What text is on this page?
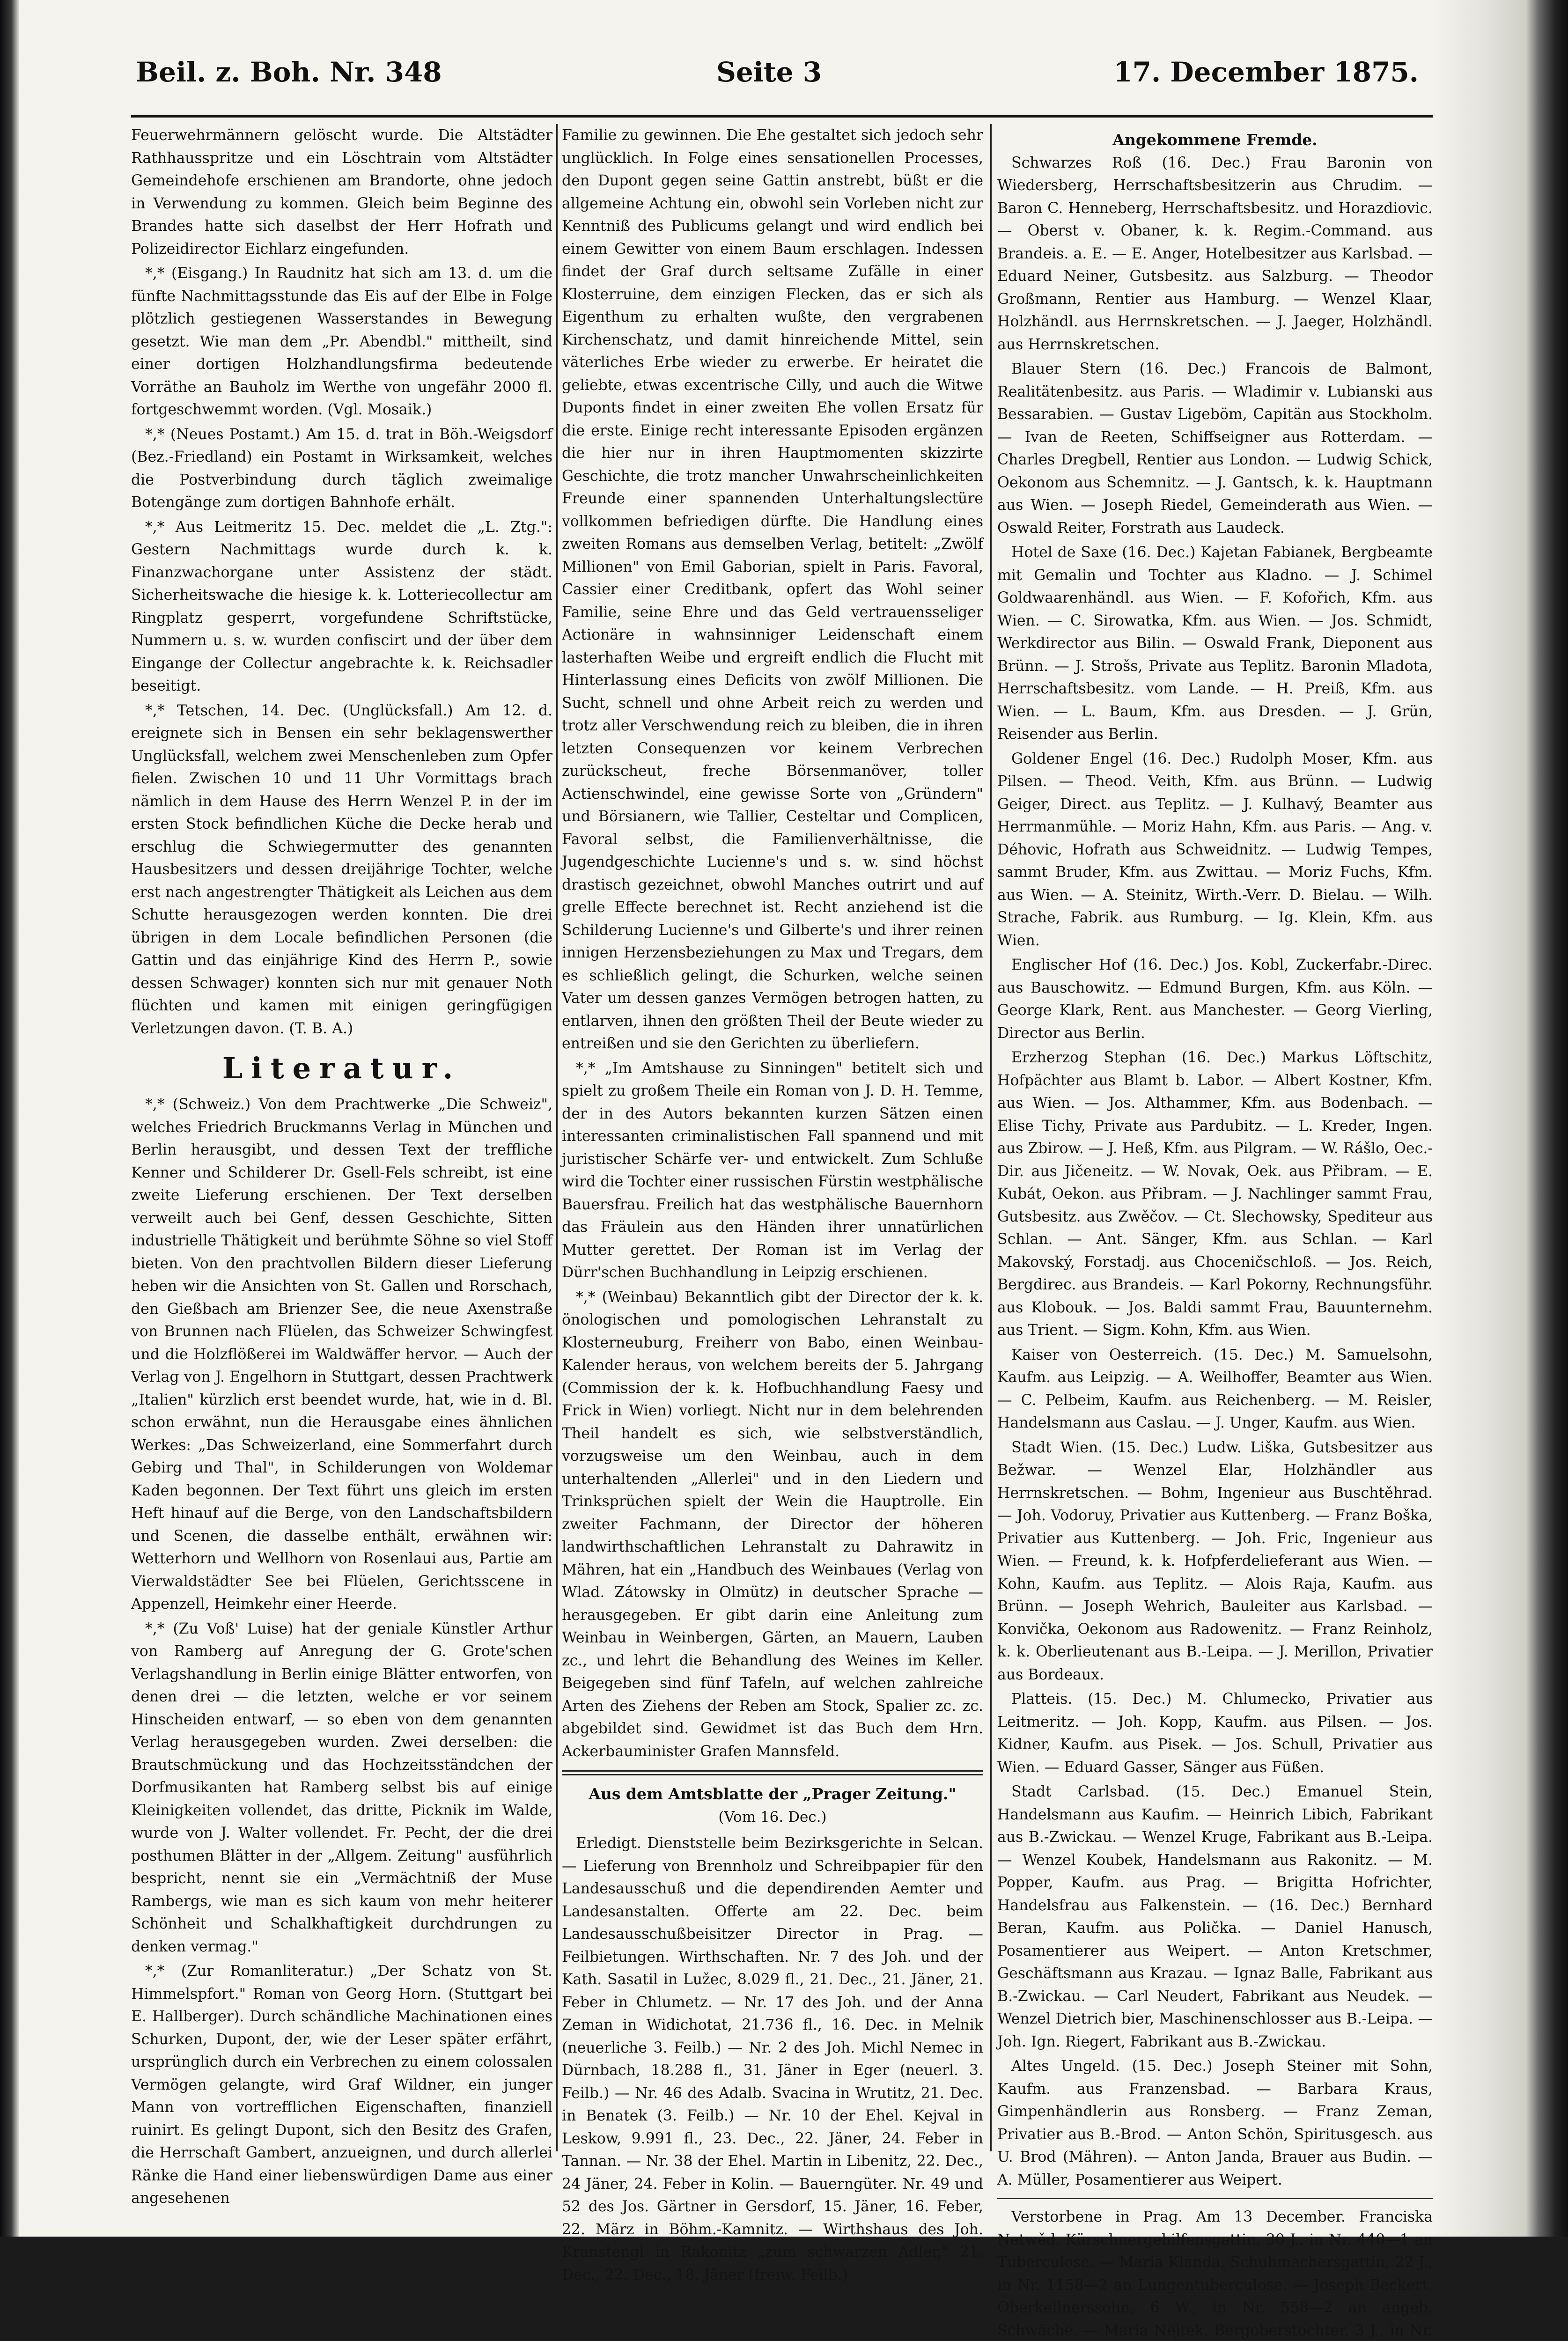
Beil. z. Boh. Nr. 348	Seite 3	17. December 1875.

Feuerwehrmännern gelöscht wurde. Die Altstädter Rathhausspritze und ein Löschtrain vom Altstädter Gemeindehofe erschienen am Brandorte, ohne jedoch in Verwendung zu kommen. Gleich beim Beginne des Brandes hatte sich daselbst der Herr Hofrath und Polizeidirector Eichlarz eingefunden.

*,* (Eisgang.) In Raudnitz hat sich am 13. d. um die fünfte Nachmittagsstunde das Eis auf der Elbe in Folge plötzlich gestiegenen Wasserstandes in Bewegung gesetzt. Wie man dem „Pr. Abendbl." mittheilt, sind einer dortigen Holzhandlungsfirma bedeutende Vorräthe an Bauholz im Werthe von ungefähr 2000 fl. fortgeschwemmt worden. (Vgl. Mosaik.)

*,* (Neues Postamt.) Am 15. d. trat in Böh.-Weigsdorf (Bez.-Friedland) ein Postamt in Wirksamkeit, welches die Postverbindung durch täglich zweimalige Botengänge zum dortigen Bahnhofe erhält.

*,* Aus Leitmeritz 15. Dec. meldet die „L. Ztg.": Gestern Nachmittags wurde durch k. k. Finanzwachorgane unter Assistenz der städt. Sicherheitswache die hiesige k. k. Lotteriecollectur am Ringplatz gesperrt, vorgefundene Schriftstücke, Nummern u. s. w. wurden confiscirt und der über dem Eingange der Collectur angebrachte k. k. Reichsadler beseitigt.

*,* Tetschen, 14. Dec. (Unglücksfall.) Am 12. d. ereignete sich in Bensen ein sehr beklagenswerther Unglücksfall, welchem zwei Menschenleben zum Opfer fielen. Zwischen 10 und 11 Uhr Vormittags brach nämlich in dem Hause des Herrn Wenzel P. in der im ersten Stock befindlichen Küche die Decke herab und erschlug die Schwiegermutter des genannten Hausbesitzers und dessen dreijährige Tochter, welche erst nach angestrengter Thätigkeit als Leichen aus dem Schutte herausgezogen werden konnten. Die drei übrigen in dem Locale befindlichen Personen (die Gattin und das einjährige Kind des Herrn P., sowie dessen Schwager) konnten sich nur mit genauer Noth flüchten und kamen mit einigen geringfügigen Verletzungen davon. (T. B. A.)

Literatur.

*,* (Schweiz.) Von dem Prachtwerke „Die Schweiz", welches Friedrich Bruckmanns Verlag in München und Berlin herausgibt, und dessen Text der treffliche Kenner und Schilderer Dr. Gsell-Fels schreibt, ist eine zweite Lieferung erschienen. Der Text derselben verweilt auch bei Genf, dessen Geschichte, Sitten industrielle Thätigkeit und berühmte Söhne so viel Stoff bieten. Von den prachtvollen Bildern dieser Lieferung heben wir die Ansichten von St. Gallen und Rorschach, den Gießbach am Brienzer See, die neue Axenstraße von Brunnen nach Flüelen, das Schweizer Schwingfest und die Holzflößerei im Waldwäffer hervor. — Auch der Verlag von J. Engelhorn in Stuttgart, dessen Prachtwerk „Italien" kürzlich erst beendet wurde, hat, wie in d. Bl. schon erwähnt, nun die Herausgabe eines ähnlichen Werkes: „Das Schweizerland, eine Sommerfahrt durch Gebirg und Thal", in Schilderungen von Woldemar Kaden begonnen. Der Text führt uns gleich im ersten Heft hinauf auf die Berge, von den Landschaftsbildern und Scenen, die dasselbe enthält, erwähnen wir: Wetterhorn und Wellhorn von Rosenlaui aus, Partie am Vierwaldstädter See bei Flüelen, Gerichtsscene in Appenzell, Heimkehr einer Heerde.

*,* (Zu Voß' Luise) hat der geniale Künstler Arthur von Ramberg auf Anregung der G. Grote'schen Verlagshandlung in Berlin einige Blätter entworfen, von denen drei — die letzten, welche er vor seinem Hinscheiden entwarf, — so eben von dem genannten Verlag herausgegeben wurden. Zwei derselben: die Brautschmückung und das Hochzeitsständchen der Dorfmusikanten hat Ramberg selbst bis auf einige Kleinigkeiten vollendet, das dritte, Picknik im Walde, wurde von J. Walter vollendet. Fr. Pecht, der die drei posthumen Blätter in der „Allgem. Zeitung" ausführlich bespricht, nennt sie ein „Vermächtniß der Muse Rambergs, wie man es sich kaum von mehr heiterer Schönheit und Schalkhaftigkeit durchdrungen zu denken vermag."

*,* (Zur Romanliteratur.) „Der Schatz von St. Himmelspfort." Roman von Georg Horn. (Stuttgart bei E. Hallberger). Durch schändliche Machinationen eines Schurken, Dupont, der, wie der Leser später erfährt, ursprünglich durch ein Verbrechen zu einem colossalen Vermögen gelangte, wird Graf Wildner, ein junger Mann von vortrefflichen Eigenschaften, finanziell ruinirt. Es gelingt Dupont, sich den Besitz des Grafen, die Herrschaft Gambert, anzueignen, und durch allerlei Ränke die Hand einer liebenswürdigen Dame aus einer angesehenen

Familie zu gewinnen. Die Ehe gestaltet sich jedoch sehr unglücklich. In Folge eines sensationellen Processes, den Dupont gegen seine Gattin anstrebt, büßt er die allgemeine Achtung ein, obwohl sein Vorleben nicht zur Kenntniß des Publicums gelangt und wird endlich bei einem Gewitter von einem Baum erschlagen. Indessen findet der Graf durch seltsame Zufälle in einer Klosterruine, dem einzigen Flecken, das er sich als Eigenthum zu erhalten wußte, den vergrabenen Kirchenschatz, und damit hinreichende Mittel, sein väterliches Erbe wieder zu erwerbe. Er heiratet die geliebte, etwas excentrische Cilly, und auch die Witwe Duponts findet in einer zweiten Ehe vollen Ersatz für die erste. Einige recht interessante Episoden ergänzen die hier nur in ihren Hauptmomenten skizzirte Geschichte, die trotz mancher Unwahrscheinlichkeiten Freunde einer spannenden Unterhaltungslectüre vollkommen befriedigen dürfte. Die Handlung eines zweiten Romans aus demselben Verlag, betitelt: „Zwölf Millionen" von Emil Gaborian, spielt in Paris. Favoral, Cassier einer Creditbank, opfert das Wohl seiner Familie, seine Ehre und das Geld vertrauensseliger Actionäre in wahnsinniger Leidenschaft einem lasterhaften Weibe und ergreift endlich die Flucht mit Hinterlassung eines Deficits von zwölf Millionen. Die Sucht, schnell und ohne Arbeit reich zu werden und trotz aller Verschwendung reich zu bleiben, die in ihren letzten Consequenzen vor keinem Verbrechen zurückscheut, freche Börsenmanöver, toller Actienschwindel, eine gewisse Sorte von „Gründern" und Börsianern, wie Tallier, Cesteltar und Complicen, Favoral selbst, die Familienverhältnisse, die Jugendgeschichte Lucienne's und s. w. sind höchst drastisch gezeichnet, obwohl Manches outrirt und auf grelle Effecte berechnet ist. Recht anziehend ist die Schilderung Lucienne's und Gilberte's und ihrer reinen innigen Herzensbeziehungen zu Max und Tregars, dem es schließlich gelingt, die Schurken, welche seinen Vater um dessen ganzes Vermögen betrogen hatten, zu entlarven, ihnen den größten Theil der Beute wieder zu entreißen und sie den Gerichten zu überliefern.

*,* „Im Amtshause zu Sinningen" betitelt sich und spielt zu großem Theile ein Roman von J. D. H. Temme, der in des Autors bekannten kurzen Sätzen einen interessanten criminalistischen Fall spannend und mit juristischer Schärfe ver- und entwickelt. Zum Schluße wird die Tochter einer russischen Fürstin westphälische Bauersfrau. Freilich hat das westphälische Bauernhorn das Fräulein aus den Händen ihrer unnatürlichen Mutter gerettet. Der Roman ist im Verlag der Dürr'schen Buchhandlung in Leipzig erschienen.

*,* (Weinbau) Bekanntlich gibt der Director der k. k. önologischen und pomologischen Lehranstalt zu Klosterneuburg, Freiherr von Babo, einen Weinbau-Kalender heraus, von welchem bereits der 5. Jahrgang (Commission der k. k. Hofbuchhandlung Faesy und Frick in Wien) vorliegt. Nicht nur in dem belehrenden Theil handelt es sich, wie selbstverständlich, vorzugsweise um den Weinbau, auch in dem unterhaltenden „Allerlei" und in den Liedern und Trinksprüchen spielt der Wein die Hauptrolle. Ein zweiter Fachmann, der Director der höheren landwirthschaftlichen Lehranstalt zu Dahrawitz in Mähren, hat ein „Handbuch des Weinbaues (Verlag von Wlad. Zátowsky in Olmütz) in deutscher Sprache — herausgegeben. Er gibt darin eine Anleitung zum Weinbau in Weinbergen, Gärten, an Mauern, Lauben zc., und lehrt die Behandlung des Weines im Keller. Beigegeben sind fünf Tafeln, auf welchen zahlreiche Arten des Ziehens der Reben am Stock, Spalier zc. zc. abgebildet sind. Gewidmet ist das Buch dem Hrn. Ackerbauminister Grafen Mannsfeld.

Aus dem Amtsblatte der „Prager Zeitung."
(Vom 16. Dec.)

Erledigt. Dienststelle beim Bezirksgerichte in Selcan. — Lieferung von Brennholz und Schreibpapier für den Landesausschuß und die dependirenden Aemter und Landesanstalten. Offerte am 22. Dec. beim Landesausschußbeisitzer Director in Prag. — Feilbietungen. Wirthschaften. Nr. 7 des Joh. und der Kath. Sasatil in Lužec, 8.029 fl., 21. Dec., 21. Jäner, 21. Feber in Chlumetz. — Nr. 17 des Joh. und der Anna Zeman in Widichotat, 21.736 fl., 16. Dec. in Melnik (neuerliche 3. Feilb.) — Nr. 2 des Joh. Michl Nemec in Dürnbach, 18.288 fl., 31. Jäner in Eger (neuerl. 3. Feilb.) — Nr. 46 des Adalb. Svacina in Wrutitz, 21. Dec. in Benatek (3. Feilb.) — Nr. 10 der Ehel. Kejval in Leskow, 9.991 fl., 23. Dec., 22. Jäner, 24. Feber in Tannan. — Nr. 38 der Ehel. Martin in Libenitz, 22. Dec., 24 Jäner, 24. Feber in Kolin. — Bauerngüter. Nr. 49 und 52 des Jos. Gärtner in Gersdorf, 15. Jäner, 16. Feber, 22. März in Böhm.-Kamnitz. — Wirthshaus des Joh. Kranstengl in Rakonitz „zum schwarzen Adler," 21. Dec., 22. Dec., 18. Jäner (freiw. Feilb.)

Angekommene Fremde.

Schwarzes Roß (16. Dec.) Frau Baronin von Wiedersberg, Herrschaftsbesitzerin aus Chrudim. — Baron C. Henneberg, Herrschaftsbesitz. und Horazdiovic. — Oberst v. Obaner, k. k. Regim.-Command. aus Brandeis. a. E. — E. Anger, Hotelbesitzer aus Karlsbad. — Eduard Neiner, Gutsbesitz. aus Salzburg. — Theodor Großmann, Rentier aus Hamburg. — Wenzel Klaar, Holzhändl. aus Herrnskretschen. — J. Jaeger, Holzhändl. aus Herrnskretschen.

Blauer Stern (16. Dec.) Francois de Balmont, Realitätenbesitz. aus Paris. — Wladimir v. Lubianski aus Bessarabien. — Gustav Ligeböm, Capitän aus Stockholm. — Ivan de Reeten, Schiffseigner aus Rotterdam. — Charles Dregbell, Rentier aus London. — Ludwig Schick, Oekonom aus Schemnitz. — J. Gantsch, k. k. Hauptmann aus Wien. — Joseph Riedel, Gemeinderath aus Wien. — Oswald Reiter, Forstrath aus Laudeck.

Hotel de Saxe (16. Dec.) Kajetan Fabianek, Bergbeamte mit Gemalin und Tochter aus Kladno. — J. Schimel Goldwaarenhändl. aus Wien. — F. Kofořich, Kfm. aus Wien. — C. Sirowatka, Kfm. aus Wien. — Jos. Schmidt, Werkdirector aus Bilin. — Oswald Frank, Dieponent aus Brünn. — J. Strošs, Private aus Teplitz. Baronin Mladota, Herrschaftsbesitz. vom Lande. — H. Preiß, Kfm. aus Wien. — L. Baum, Kfm. aus Dresden. — J. Grün, Reisender aus Berlin.

Goldener Engel (16. Dec.) Rudolph Moser, Kfm. aus Pilsen. — Theod. Veith, Kfm. aus Brünn. — Ludwig Geiger, Direct. aus Teplitz. — J. Kulhavý, Beamter aus Herrmanmühle. — Moriz Hahn, Kfm. aus Paris. — Ang. v. Déhovic, Hofrath aus Schweidnitz. — Ludwig Tempes, sammt Bruder, Kfm. aus Zwittau. — Moriz Fuchs, Kfm. aus Wien. — A. Steinitz, Wirth.-Verr. D. Bielau. — Wilh. Strache, Fabrik. aus Rumburg. — Ig. Klein, Kfm. aus Wien.

Englischer Hof (16. Dec.) Jos. Kobl, Zuckerfabr.-Direc. aus Bauschowitz. — Edmund Burgen, Kfm. aus Köln. — George Klark, Rent. aus Manchester. — Georg Vierling, Director aus Berlin.

Erzherzog Stephan (16. Dec.) Markus Löftschitz, Hofpächter aus Blamt b. Labor. — Albert Kostner, Kfm. aus Wien. — Jos. Althammer, Kfm. aus Bodenbach. — Elise Tichy, Private aus Pardubitz. — L. Kreder, Ingen. aus Zbirow. — J. Heß, Kfm. aus Pilgram. — W. Rášlo, Oec.-Dir. aus Jičeneitz. — W. Novak, Oek. aus Přibram. — E. Kubát, Oekon. aus Přibram. — J. Nachlinger sammt Frau, Gutsbesitz. aus Zwěčov. — Ct. Slechowsky, Spediteur aus Schlan. — Ant. Sänger, Kfm. aus Schlan. — Karl Makovský, Forstadj. aus Choceničschloß. — Jos. Reich, Bergdirec. aus Brandeis. — Karl Pokorny, Rechnungsführ. aus Klobouk. — Jos. Baldi sammt Frau, Bauunternehm. aus Trient. — Sigm. Kohn, Kfm. aus Wien.

Kaiser von Oesterreich. (15. Dec.) M. Samuelsohn, Kaufm. aus Leipzig. — A. Weilhoffer, Beamter aus Wien. — C. Pelbeim, Kaufm. aus Reichenberg. — M. Reisler, Handelsmann aus Caslau. — J. Unger, Kaufm. aus Wien.

Stadt Wien. (15. Dec.) Ludw. Liška, Gutsbesitzer aus Bežwar. — Wenzel Elar, Holzhändler aus Herrnskretschen. — Bohm, Ingenieur aus Buschtěhrad. — Joh. Vodoruy, Privatier aus Kuttenberg. — Franz Boška, Privatier aus Kuttenberg. — Joh. Fric, Ingenieur aus Wien. — Freund, k. k. Hofpferdelieferant aus Wien. — Kohn, Kaufm. aus Teplitz. — Alois Raja, Kaufm. aus Brünn. — Joseph Wehrich, Bauleiter aus Karlsbad. — Konvička, Oekonom aus Radowenitz. — Franz Reinholz, k. k. Oberlieutenant aus B.-Leipa. — J. Merillon, Privatier aus Bordeaux.

Platteis. (15. Dec.) M. Chlumecko, Privatier aus Leitmeritz. — Joh. Kopp, Kaufm. aus Pilsen. — Jos. Kidner, Kaufm. aus Pisek. — Jos. Schull, Privatier aus Wien. — Eduard Gasser, Sänger aus Füßen.

Stadt Carlsbad. (15. Dec.) Emanuel Stein, Handelsmann aus Kaufim. — Heinrich Libich, Fabrikant aus B.-Zwickau. — Wenzel Kruge, Fabrikant aus B.-Leipa. — Wenzel Koubek, Handelsmann aus Rakonitz. — M. Popper, Kaufm. aus Prag. — Brigitta Hofrichter, Handelsfrau aus Falkenstein. — (16. Dec.) Bernhard Beran, Kaufm. aus Polička. — Daniel Hanusch, Posamentierer aus Weipert. — Anton Kretschmer, Geschäftsmann aus Krazau. — Ignaz Balle, Fabrikant aus B.-Zwickau. — Carl Neudert, Fabrikant aus Neudek. — Wenzel Dietrich bier, Maschinenschlosser aus B.-Leipa. — Joh. Ign. Riegert, Fabrikant aus B.-Zwickau.

Altes Ungeld. (15. Dec.) Joseph Steiner mit Sohn, Kaufm. aus Franzensbad. — Barbara Kraus, Gimpenhändlerin aus Ronsberg. — Franz Zeman, Privatier aus B.-Brod. — Anton Schön, Spiritusgesch. aus U. Brod (Mähren). — Anton Janda, Brauer aus Budin. — A. Müller, Posamentierer aus Weipert.

Verstorbene in Prag. Am 13 December. Franciska Netwěd, Kürschnergehilfensgattin, 30 J., in Nr. 440—1 an Tuberculose. — Maria Klanda, Schuhmachersgattin, 22 J., in Nr. 1158—2 an Lungentuberculose. — Joseph Beckert, Oberkellnerssohn, 6 W., in Nr. 558—2 an angeb. Schwäche. — Maria Nejtek, Bergoberstochter, 3 J., in Nr.
